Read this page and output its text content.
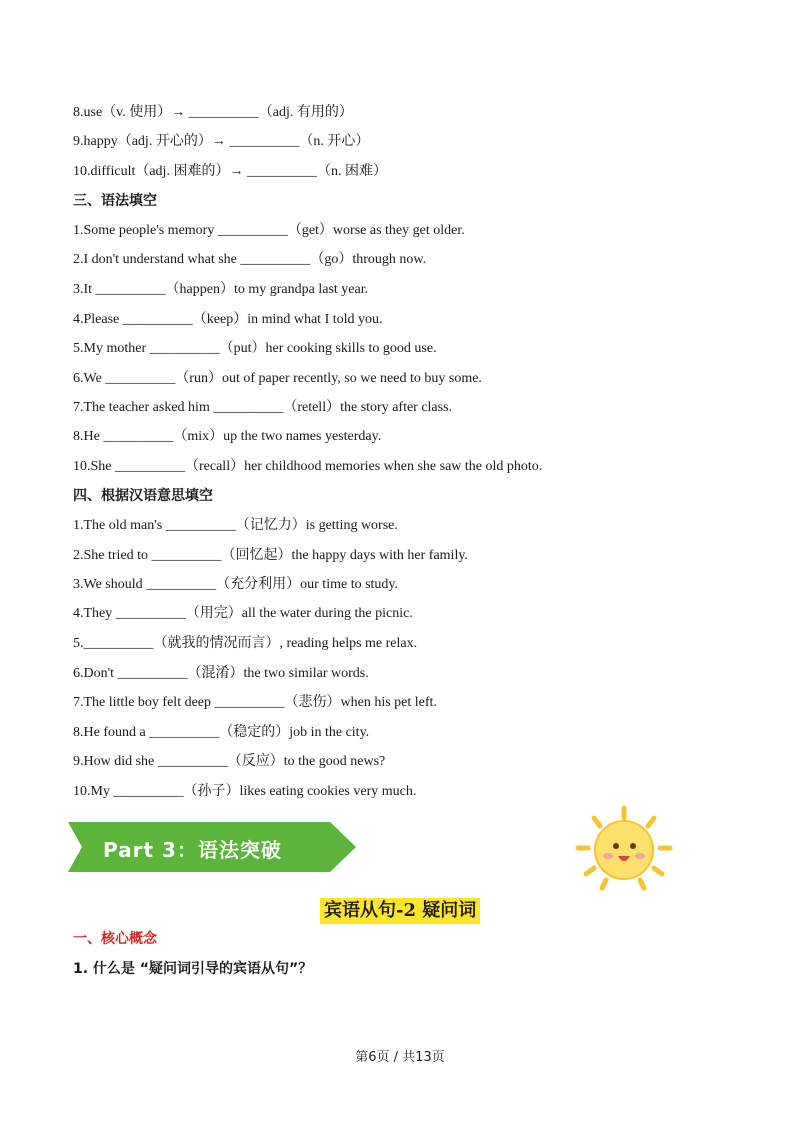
8.use（v. 使用）→ __________（adj. 有用的）
9.happy（adj. 开心的）→ __________（n. 开心）
10.difficult（adj. 困难的）→ __________（n. 困难）
三、语法填空
1.Some people's memory __________（get）worse as they get older.
2.I don't understand what she __________（go）through now.
3.It __________（happen）to my grandpa last year.
4.Please __________（keep）in mind what I told you.
5.My mother __________（put）her cooking skills to good use.
6.We __________（run）out of paper recently, so we need to buy some.
7.The teacher asked him __________（retell）the story after class.
8.He __________（mix）up the two names yesterday.
10.She __________（recall）her childhood memories when she saw the old photo.
四、根据汉语意思填空
1.The old man's __________（记忆力）is getting worse.
2.She tried to __________（回忆起）the happy days with her family.
3.We should __________（充分利用）our time to study.
4.They __________（用完）all the water during the picnic.
5.__________（就我的情况而言）, reading helps me relax.
6.Don't __________（混淆）the two similar words.
7.The little boy felt deep __________（悲伤）when his pet left.
8.He found a __________（稳定的）job in the city.
9.How did she __________（反应）to the good news?
10.My __________（孙子）likes eating cookies very much.
Part 3：语法突破
宾语从句-2 疑问词
一、核心概念
1. 什么是 “疑问词引导的宾语从句”？
第6页 / 共13页
